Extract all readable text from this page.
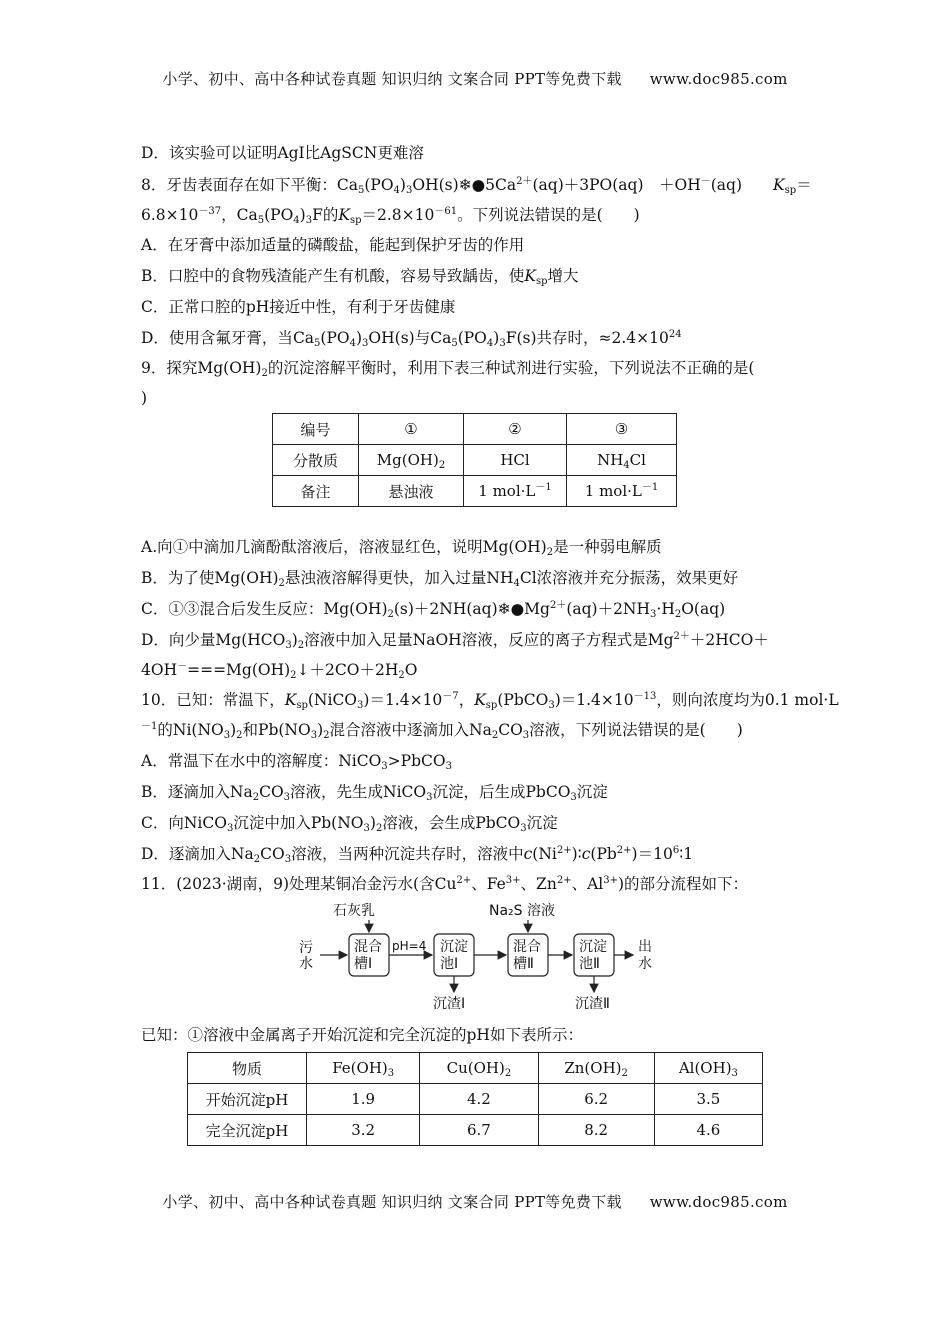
小学、初中、高中各种试卷真题 知识归纳 文案合同 PPT等免费下载 www.doc985.com
D．该实验可以证明AgI比AgSCN更难溶
8．牙齿表面存在如下平衡：$Ca_5(PO_4)_3OH(s)❄●5Ca^{2+}(aq)+3PO(aq)$　＋OH－(aq)　　$K_{sp}=$
$6.8\times 10^{-37}$，$Ca_5(PO_4)_3F$的$K_{sp}=2.8\times 10^{-61}$。下列说法错误的是(　　)
A．在牙膏中添加适量的磷酸盐，能起到保护牙齿的作用
B．口腔中的食物残渣能产生有机酸，容易导致龋齿，使$K_{sp}$增大
C．正常口腔的pH接近中性，有利于牙齿健康
D．使用含氟牙膏，当$Ca_5(PO_4)_3OH(s)$与$Ca_5(PO_4)_3F(s)$共存时，$\approx 2.4\times 10^{24}$
9．探究$Mg(OH)_2$的沉淀溶解平衡时，利用下表三种试剂进行实验，下列说法不正确的是(
)
编号	①	②	③
分散质	$Mg(OH)_2$	HCl	$NH_4Cl$
备注	悬浊液	1 $mol\cdot L^{-1}$	1 $mol\cdot L^{-1}$
A.向①中滴加几滴酚酞溶液后，溶液显红色，说明$Mg(OH)_2$是一种弱电解质
B．为了使$Mg(OH)_2$悬浊液溶解得更快，加入过量$NH_4Cl$浓溶液并充分振荡，效果更好
C．①③混合后发生反应：$Mg(OH)_2(s)+2NH(aq)❄●Mg^{2+}(aq)+2NH_3\cdot H_2O(aq)$
D．向少量$Mg(HCO_3)_2$溶液中加入足量NaOH溶液，反应的离子方程式是$Mg^{2+}+2HCO+$
$4OH^-===Mg(OH)_2↓+2CO+2H_2O$
10．已知：常温下，$K_{sp}(NiCO_3)=1.4\times 10^{-7}$，$K_{sp}(PbCO_3)=1.4\times 10^{-13}$，则向浓度均为0.1 mol·L
$^{-1}$的$Ni(NO_3)_2$和$Pb(NO_3)_2$混合溶液中逐滴加入$Na_2CO_3$溶液，下列说法错误的是(　　)
A．常温下在水中的溶解度：NiCO$_3$>PbCO$_3$
B．逐滴加入$Na_2CO_3$溶液，先生成NiCO$_3$沉淀，后生成PbCO$_3$沉淀
C．向NiCO$_3$沉淀中加入$Pb(NO_3)_2$溶液，会生成PbCO$_3$沉淀
D．逐滴加入$Na_2CO_3$溶液，当两种沉淀共存时，溶液中$c(Ni^{2+})∶c(Pb^{2+})=10^6∶1$
11．(2023·湖南，9)处理某铜冶金污水(含$Cu^{2+}$、$Fe^{3+}$、$Zn^{2+}$、$Al^{3+}$)的部分流程如下：
污
水
石灰乳	Na₂S 溶液
pH=4
混合
槽Ⅰ
沉淀
池Ⅰ
混合
槽Ⅱ
沉淀
池Ⅱ
出
水
沉渣Ⅰ	沉渣Ⅱ
已知：①溶液中金属离子开始沉淀和完全沉淀的pH如下表所示：
物质	$Fe(OH)_3$	$Cu(OH)_2$	$Zn(OH)_2$	$Al(OH)_3$
开始沉淀pH	1.9	4.2	6.2	3.5
完全沉淀pH	3.2	6.7	8.2	4.6
小学、初中、高中各种试卷真题 知识归纳 文案合同 PPT等免费下载 www.doc985.com
